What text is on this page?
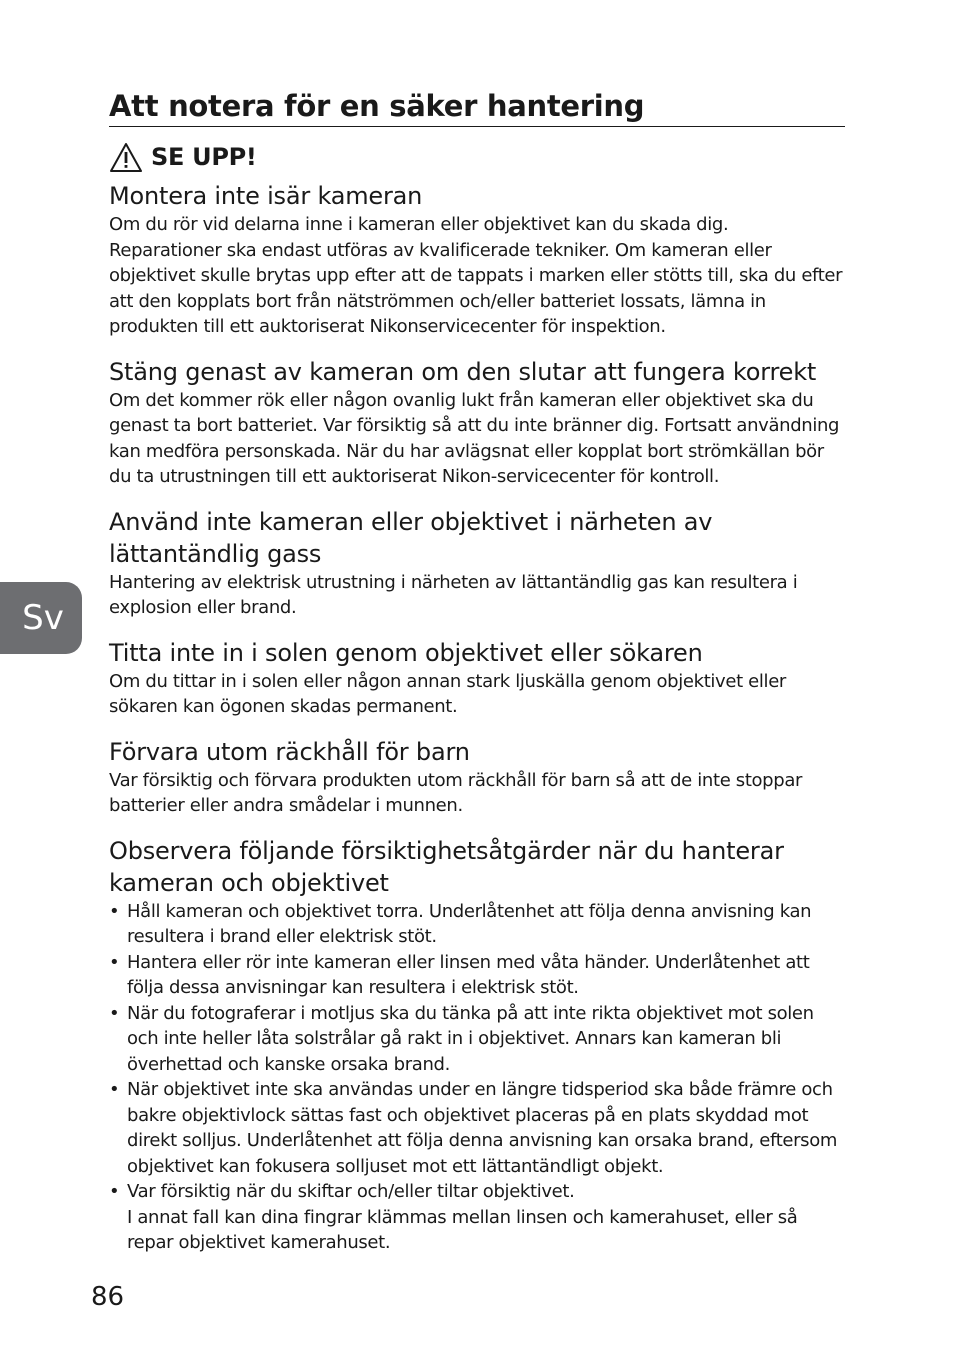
Att notera för en säker hantering
SE UPP!
Montera inte isär kameran

Om du rör vid delarna inne i kameran eller objektivet kan du skada dig. Reparationer ska endast utföras av kvalificerade tekniker. Om kameran eller objektivet skulle brytas upp efter att de tappats i marken eller stötts till, ska du efter att den kopplats bort från nätströmmen och/eller batteriet lossats, lämna in produkten till ett auktoriserat Nikonservicecenter för inspektion.

Stäng genast av kameran om den slutar att fungera korrekt

Om det kommer rök eller någon ovanlig lukt från kameran eller objektivet ska du genast ta bort batteriet. Var försiktig så att du inte bränner dig. Fortsatt användning kan medföra personskada. När du har avlägsnat eller kopplat bort strömkällan bör du ta utrustningen till ett auktoriserat Nikon-servicecenter för kontroll.

Använd inte kameran eller objektivet i närheten av lättantändlig gass

Hantering av elektrisk utrustning i närheten av lättantändlig gas kan resultera i explosion eller brand.

Titta inte in i solen genom objektivet eller sökaren

Om du tittar in i solen eller någon annan stark ljuskälla genom objektivet eller sökaren kan ögonen skadas permanent.

Förvara utom räckhåll för barn

Var försiktig och förvara produkten utom räckhåll för barn så att de inte stoppar batterier eller andra smådelar i munnen.

Observera följande försiktighetsåtgärder när du hanterar kameran och objektivet
• Håll kameran och objektivet torra. Underlåtenhet att följa denna anvisning kan resultera i brand eller elektrisk stöt.
• Hantera eller rör inte kameran eller linsen med våta händer. Underlåtenhet att följa dessa anvisningar kan resultera i elektrisk stöt.
• När du fotograferar i motljus ska du tänka på att inte rikta objektivet mot solen och inte heller låta solstrålar gå rakt in i objektivet. Annars kan kameran bli överhettad och kanske orsaka brand.
• När objektivet inte ska användas under en längre tidsperiod ska både främre och bakre objektivlock sättas fast och objektivet placeras på en plats skyddad mot direkt solljus. Underlåtenhet att följa denna anvisning kan orsaka brand, eftersom objektivet kan fokusera solljuset mot ett lättantändligt objekt.
• Var försiktig när du skiftar och/eller tiltar objektivet.
I annat fall kan dina fingrar klämmas mellan linsen och kamerahuset, eller så repar objektivet kamerahuset.
Sv
86
